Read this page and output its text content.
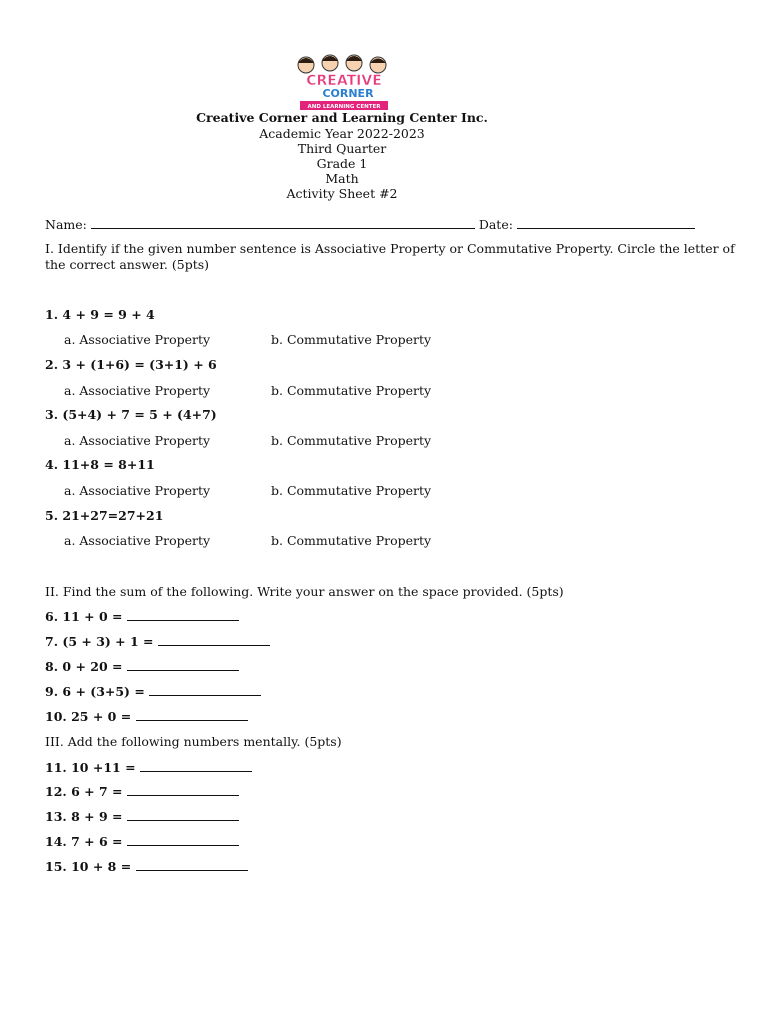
CREATIVE
CORNER
AND LEARNING CENTER
Creative Corner and Learning Center Inc.
Academic Year 2022-2023
Third Quarter
Grade 1
Math
Activity Sheet #2
Name:	Date:
I. Identify if the given number sentence is Associative Property or Commutative Property. Circle the letter of
the correct answer. (5pts)
1. 4 + 9 = 9 + 4
a. Associative Property	b. Commutative Property
2. 3 + (1+6) = (3+1) + 6
a. Associative Property	b. Commutative Property
3. (5+4) + 7 = 5 + (4+7)
a. Associative Property	b. Commutative Property
4. 11+8 = 8+11
a. Associative Property	b. Commutative Property
5. 21+27=27+21
a. Associative Property	b. Commutative Property
II. Find the sum of the following. Write your answer on the space provided. (5pts)
6. 11 + 0 =
7. (5 + 3) + 1 =
8. 0 + 20 =
9. 6 + (3+5) =
10. 25 + 0 =
III. Add the following numbers mentally. (5pts)
11. 10 +11 =
12. 6 + 7 =
13. 8 + 9 =
14. 7 + 6 =
15. 10 + 8 =
